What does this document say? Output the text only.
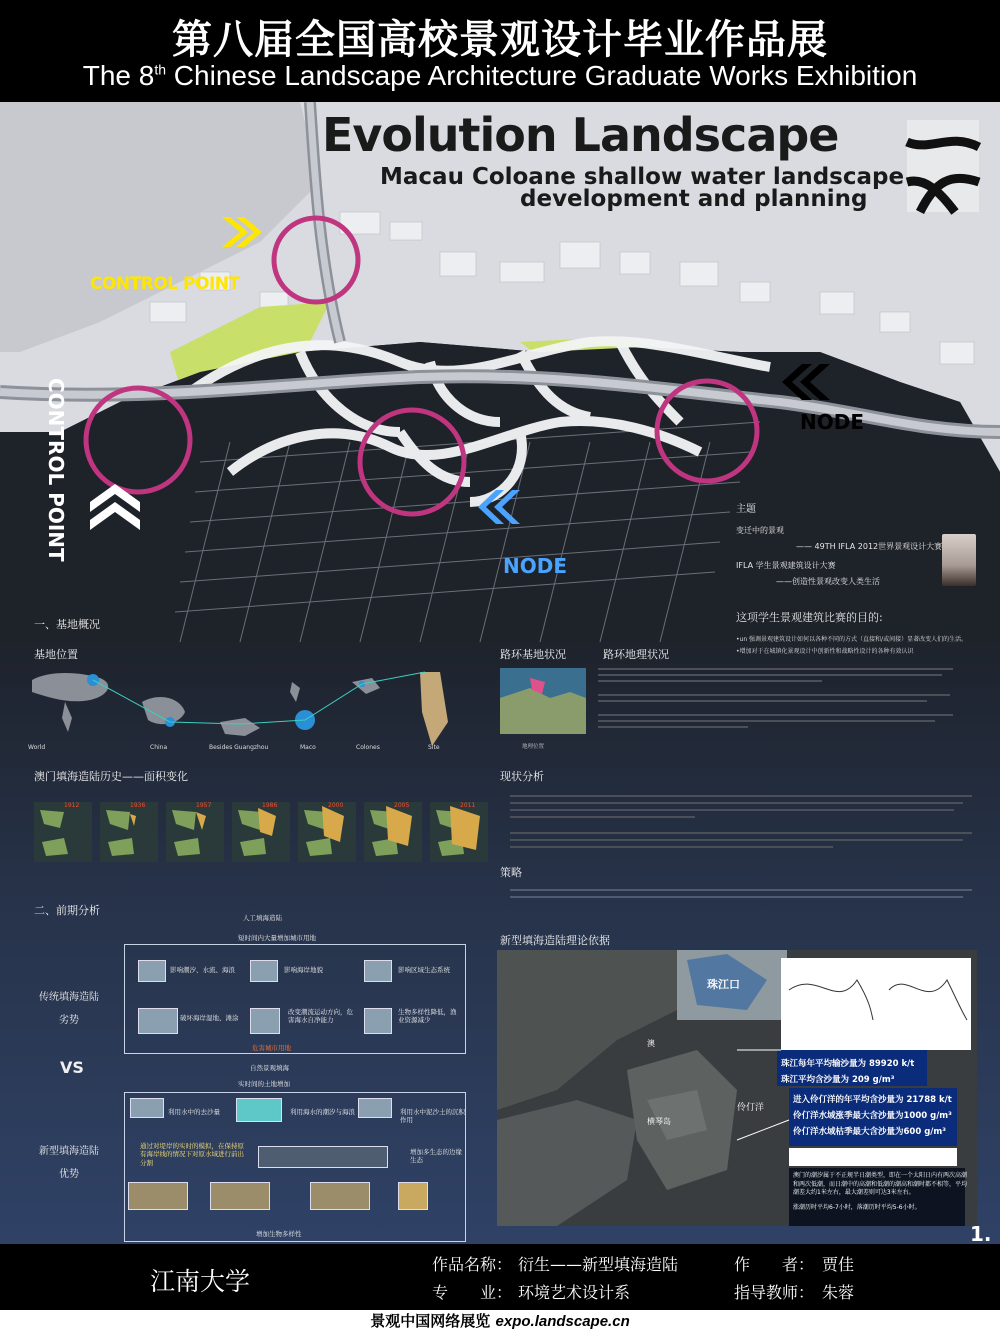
第八届全国高校景观设计毕业作品展
The 8th Chinese Landscape Architecture Graduate Works Exhibition
Evolution Landscape
Macau Coloane shallow water landscape
development and planning
CONTROL POINT
NODE
CONTROL POINT
NODE
主题
变迁中的景观
—— 49TH IFLA 2012世界景观设计大赛
IFLA 学生景观建筑设计大赛
——创造性景观改变人类生活
这项学生景观建筑比赛的目的:
•un 强调景观建筑设计如何以各种不同的方式（直接和/或间接）显著改变人们的生活。
•增加对于在城镇化景观设计中创新性和战略性设计的各种有效认识
一、基地概况
基地位置
World	China	Besides Guangzhou	Maco	Colones	Site
澳门填海造陆历史——面积变化
1912	1936	1957	1986	2000	2005	2011
路环基地状况	路环地理状况
地理位置
现状分析
策略
新型填海造陆理论依据
二、前期分析
传统填海造陆
劣势
VS
新型填海造陆
优势
人工填海造陆
短时间内大量增加城市用地
影响潮汐、水流、海浪	影响海岸地貌	影响区域生态系统
破坏海岸湿地、滩涂
改变潮流运动方向，危害海水自净能力
生物多样性降低，渔业资源减少
危害城市用地
自然景观填海
实时间的土地增加
利用水中的去沙量	利用海水的潮汐与海浪	利用水中泥沙土的沉积作用
通过对堤岸的实时的模拟，在保持原有海岸线的情况下对原水域进行前出分割
增加多生态的边缘生态
增加生物多样性
珠江口
澳
伶仃洋
横琴岛
珠江每年平均输沙量为 89920 k/t
珠江平均含沙量为 209 g/m³
进入伶仃洋的年平均含沙量为 21788 k/t
伶仃洋水域涨季最大含沙量为1000 g/m³
伶仃洋水域枯季最大含沙量为600 g/m³
澳门的潮汐属于不正规半日潮类型，即在一个太阳日内有两次高潮和两次低潮，而日潮中的高潮和低潮的潮高和潮时都不相等，平均潮差大约1米左右，最大潮差则可达3米左右。
涨潮历时平均6-7小时，落潮历时平均5-6小时。
1.
江南大学
作品名称： 衍生——新型填海造陆	作　　者： 贾佳
专　　业： 环境艺术设计系	指导教师： 朱蓉
景观中国网络展览 expo.landscape.cn
